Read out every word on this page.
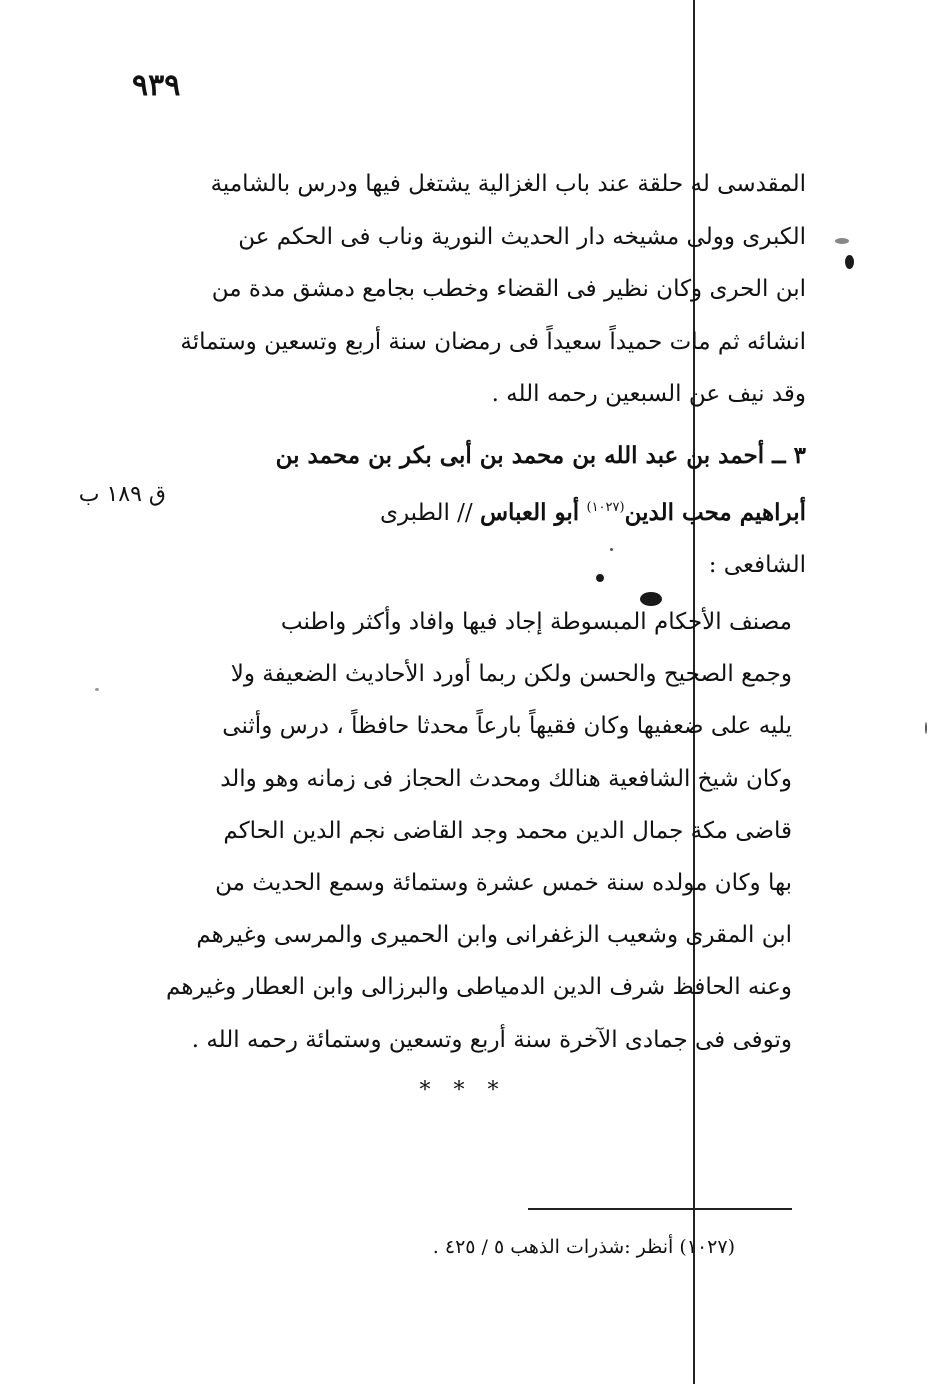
٩٣٩
المقدسى له حلقة عند باب الغزالية يشتغل فيها ودرس بالشامية
الكبرى وولى مشيخه دار الحديث النورية وناب فى الحكم عن
ابن الحرى وكان نظير فى القضاء وخطب بجامع دمشق مدة من
انشائه ثم مات حميداً سعيداً فى رمضان سنة أربع وتسعين وستمائة
وقد نيف عن السبعين رحمه الله .
٣ ــ أحمد بن عبد الله بن محمد بن أبى بكر بن محمد بن
أبراهيم محب الدين$^{(١٠٢٧)}$ أبو العباس // الطبرى
الشافعى :
ق ١٨٩ ب
مصنف الأحكام المبسوطة إجاد فيها وافاد وأكثر واطنب
وجمع الصحيح والحسن ولكن ربما أورد الأحاديث الضعيفة ولا
يليه على ضعفيها وكان فقيهاً بارعاً محدثا حافظاً ، درس وأثنى
وكان شيخ الشافعية هنالك ومحدث الحجاز فى زمانه وهو والد
قاضى مكة جمال الدين محمد وجد القاضى نجم الدين الحاكم
بها وكان مولده سنة خمس عشرة وستمائة وسمع الحديث من
ابن المقرى وشعيب الزغفرانى وابن الحميرى والمرسى وغيرهم
وعنه الحافظ شرف الدين الدمياطى والبرزالى وابن العطار وغيرهم
وتوفى فى جمادى الآخرة سنة أربع وتسعين وستمائة رحمه الله .
* * *
(١٠٢٧) أنظر :شذرات الذهب ٥ / ٤٢٥ .
